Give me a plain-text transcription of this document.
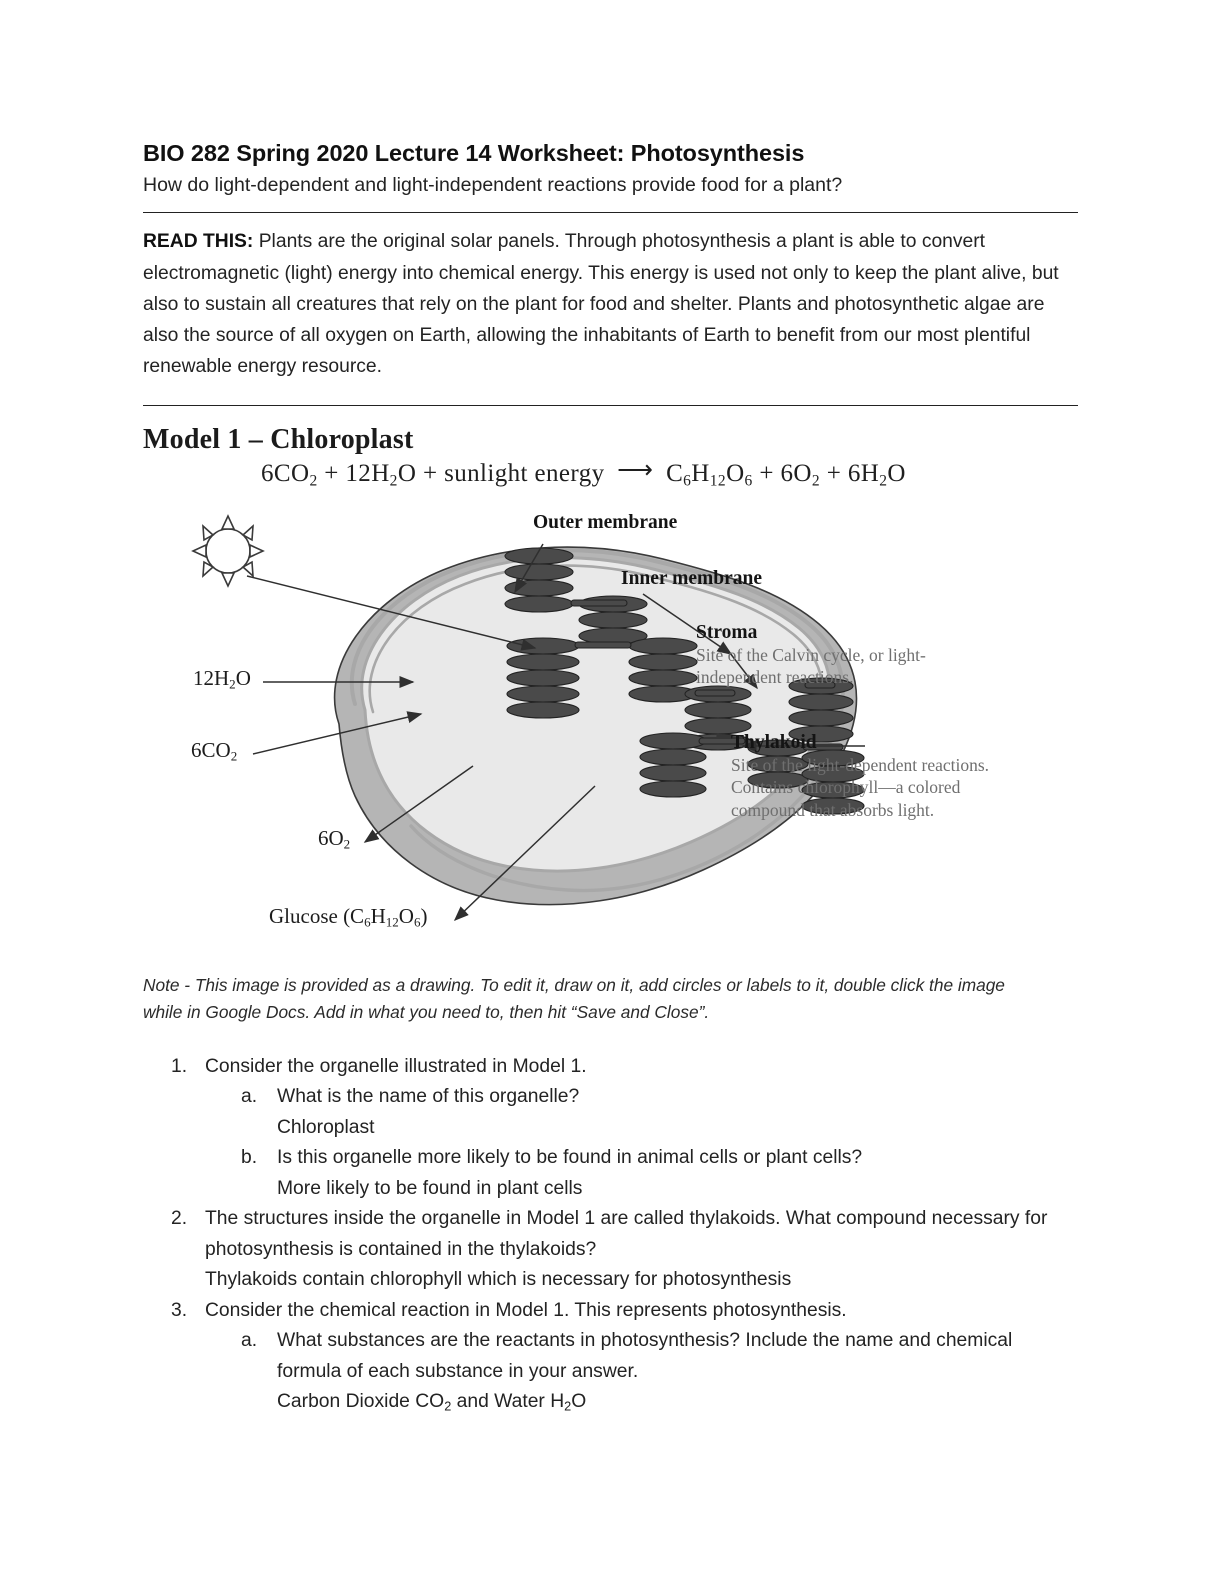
BIO 282 Spring 2020 Lecture 14 Worksheet: Photosynthesis

How do light-dependent and light-independent reactions provide food for a plant?

READ THIS: Plants are the original solar panels. Through photosynthesis a plant is able to convert electromagnetic (light) energy into chemical energy. This energy is used not only to keep the plant alive, but also to sustain all creatures that rely on the plant for food and shelter. Plants and photosynthetic algae are also the source of all oxygen on Earth, allowing the inhabitants of Earth to benefit from our most plentiful renewable energy resource.

Model 1 – Chloroplast
$6CO_2 + 12H_2O$ + sunlight energy ⟶ $C_6H_{12}O_6 + 6O_2 + 6H_2O$
Outer membrane
Inner membrane
Stroma
Site of the Calvin cycle, or light-
independent reactions.
Thylakoid
Site of the light-dependent reactions.
Contains chlorophyll—a colored
compound that absorbs light.
$12H_2O$
$6CO_2$
$6O_2$
Glucose $(C_6H_{12}O_6)$

Note - This image is provided as a drawing. To edit it, draw on it, add circles or labels to it, double click the image while in Google Docs. Add in what you need to, then hit “Save and Close”.

1. Consider the organelle illustrated in Model 1.
a.	What is the name of this organelle?
Chloroplast
b.	Is this organelle more likely to be found in animal cells or plant cells?
More likely to be found in plant cells
2. The structures inside the organelle in Model 1 are called thylakoids. What compound necessary for photosynthesis is contained in the thylakoids?
Thylakoids contain chlorophyll which is necessary for photosynthesis
3. Consider the chemical reaction in Model 1. This represents photosynthesis.
a.	What substances are the reactants in photosynthesis? Include the name and chemical formula of each substance in your answer.
Carbon Dioxide $CO_2$ and Water $H_2O$
